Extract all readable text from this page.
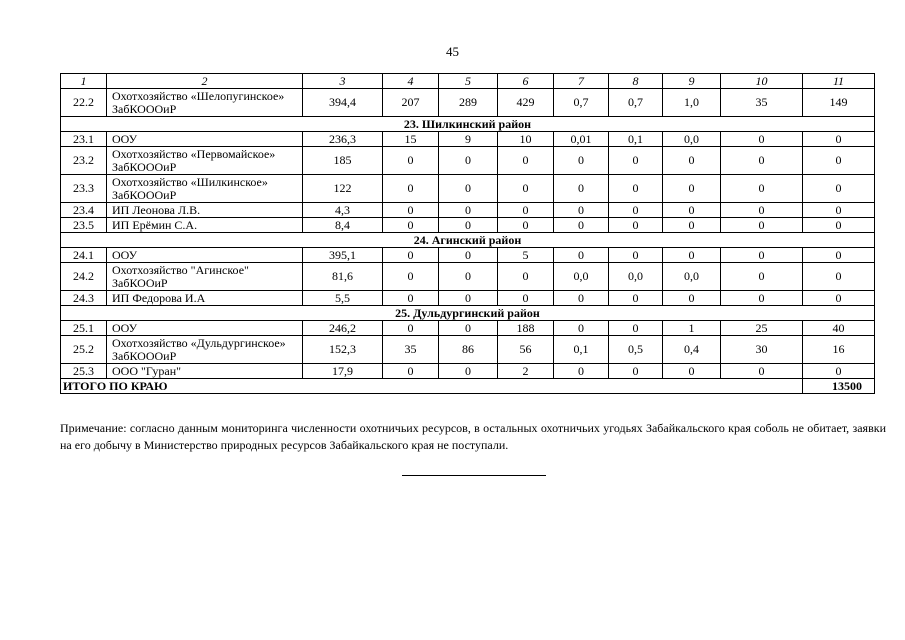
45
1	2	3	4	5	6	7	8	9	10	11
22.2	Охотхозяйство «Шелопугинское» ЗабКОООиР	394,4	207	289	429	0,7	0,7	1,0	35	149
23. Шилкинский район										
23.1	ООУ	236,3	15	9	10	0,01	0,1	0,0	0	0
23.2	Охотхозяйство «Первомайское» ЗабКОООиР	185	0	0	0	0	0	0	0	0
23.3	Охотхозяйство «Шилкинское» ЗабКОООиР	122	0	0	0	0	0	0	0	0
23.4	ИП Леонова Л.В.	4,3	0	0	0	0	0	0	0	0
23.5	ИП Ерёмин С.А.	8,4	0	0	0	0	0	0	0	0
24. Агинский район										
24.1	ООУ	395,1	0	0	5	0	0	0	0	0
24.2	Охотхозяйство "Агинское" ЗабКООиР	81,6	0	0	0	0,0	0,0	0,0	0	0
24.3	ИП Федорова И.А	5,5	0	0	0	0	0	0	0	0
25. Дульдургинский район										
25.1	ООУ	246,2	0	0	188	0	0	1	25	40
25.2	Охотхозяйство «Дульдургинское» ЗабКОООиР	152,3	35	86	56	0,1	0,5	0,4	30	16
25.3	ООО "Гуран"	17,9	0	0	2	0	0	0	0	0
ИТОГО ПО КРАЮ										13500
Примечание: согласно данным мониторинга численности охотничьих ресурсов, в остальных охотничьих угодьях Забайкальского края соболь не обитает, заявки на его добычу в Министерство природных ресурсов Забайкальского края не поступали.
